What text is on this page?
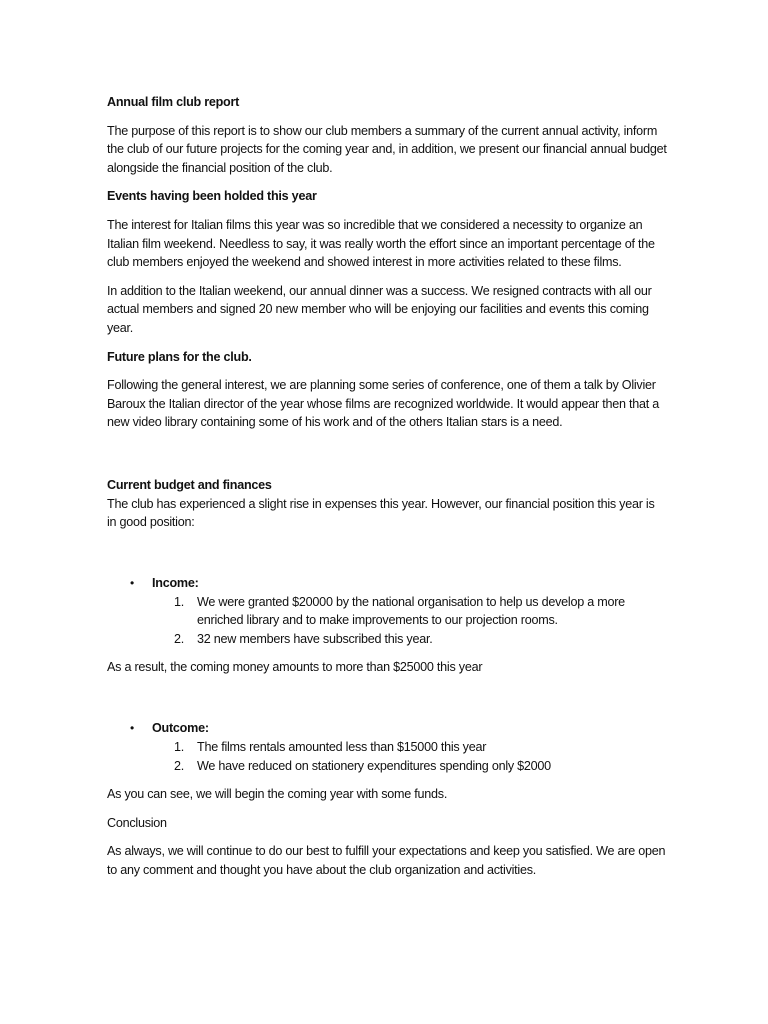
Annual film club report

The purpose of this report is to show our club members a summary of the current annual activity, inform the club of our future projects for the coming year and, in addition, we present our financial annual budget alongside the financial position of the club.

Events having been holded this year

The interest for Italian films this year was so incredible that we considered a necessity to organize an Italian film weekend. Needless to say, it was really worth the effort since an important percentage of the club members enjoyed the weekend and showed interest in more activities related to these films.

In addition to the Italian weekend, our annual dinner was a success. We resigned contracts with all our actual members and signed 20 new member who will be enjoying our facilities and events this coming year.

Future plans for the club.

Following the general interest, we are planning some series of conference, one of them a talk by Olivier Baroux the Italian director of the year whose films are recognized worldwide. It would appear then that a new video library containing some of his work and of the others Italian stars is a need.

Current budget and finances

The club has experienced a slight rise in expenses this year. However, our financial position this year is in good position:

• Income:
1. We were granted $20000 by the national organisation to help us develop a more enriched library and to make improvements to our projection rooms.
2. 32 new members have subscribed this year.

As a result, the coming money amounts to more than $25000 this year

• Outcome:
1. The films rentals amounted less than $15000 this year
2. We have reduced on stationery expenditures spending only $2000

As you can see, we will begin the coming year with some funds.

Conclusion

As always, we will continue to do our best to fulfill your expectations and keep you satisfied. We are open to any comment and thought you have about the club organization and activities.
